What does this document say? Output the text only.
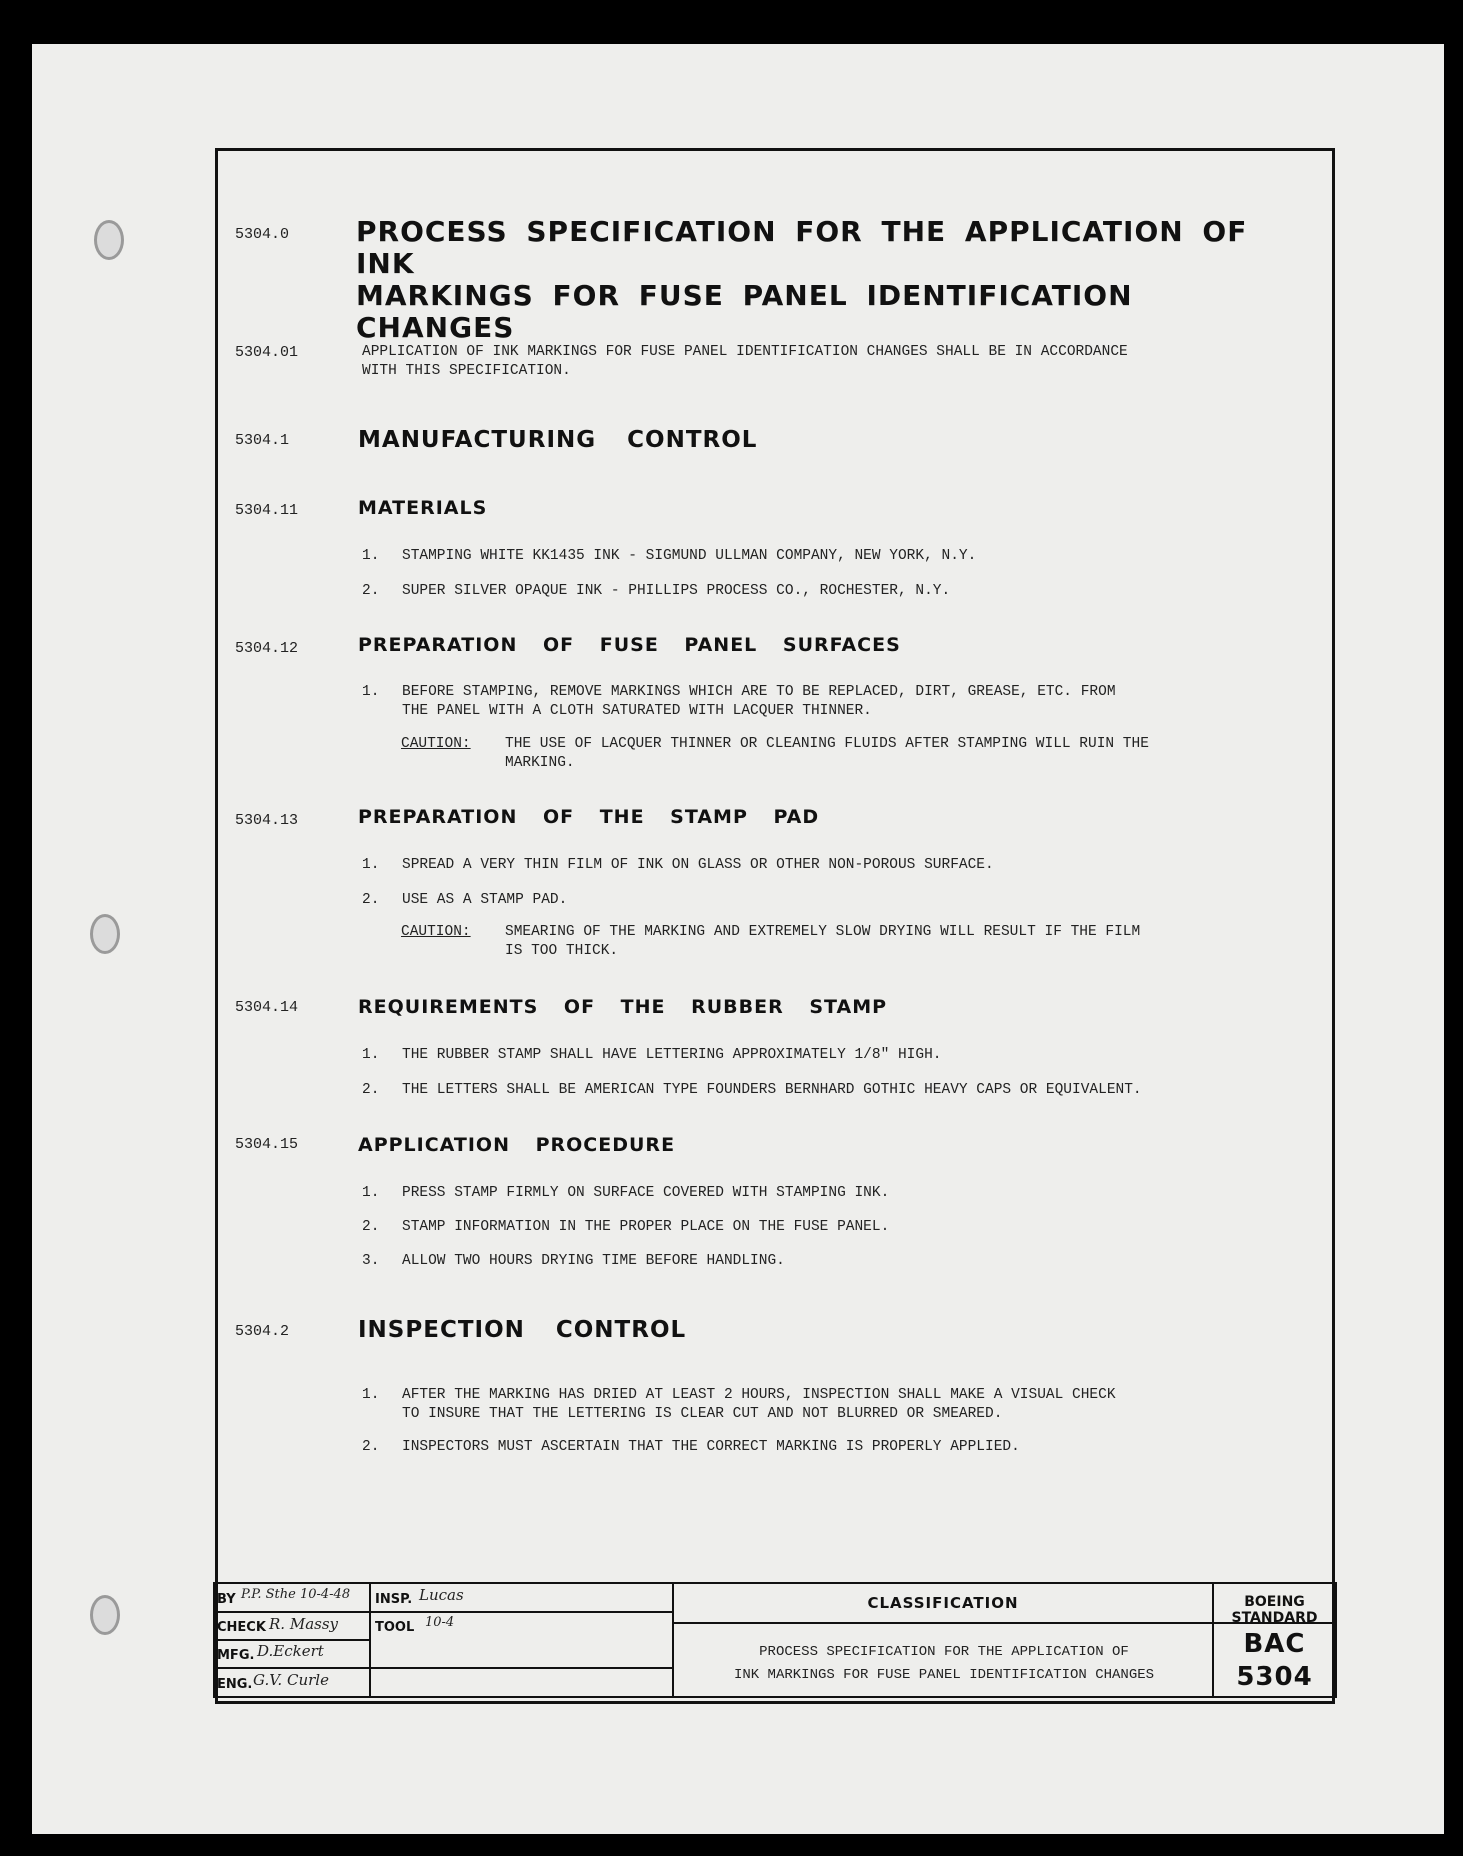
5304.0 PROCESS SPECIFICATION FOR THE APPLICATION OF INK
MARKINGS FOR FUSE PANEL IDENTIFICATION CHANGES
5304.01	APPLICATION OF INK MARKINGS FOR FUSE PANEL IDENTIFICATION CHANGES SHALL BE IN ACCORDANCE
WITH THIS SPECIFICATION.
5304.1	MANUFACTURING CONTROL
5304.11	MATERIALS
1. STAMPING WHITE KK1435 INK - SIGMUND ULLMAN COMPANY, NEW YORK, N.Y.
2. SUPER SILVER OPAQUE INK - PHILLIPS PROCESS CO., ROCHESTER, N.Y.
5304.12	PREPARATION OF FUSE PANEL SURFACES
1. BEFORE STAMPING, REMOVE MARKINGS WHICH ARE TO BE REPLACED, DIRT, GREASE, ETC. FROM
THE PANEL WITH A CLOTH SATURATED WITH LACQUER THINNER.
CAUTION: THE USE OF LACQUER THINNER OR CLEANING FLUIDS AFTER STAMPING WILL RUIN THE
MARKING.
5304.13	PREPARATION OF THE STAMP PAD
1. SPREAD A VERY THIN FILM OF INK ON GLASS OR OTHER NON-POROUS SURFACE.
2. USE AS A STAMP PAD.
CAUTION: SMEARING OF THE MARKING AND EXTREMELY SLOW DRYING WILL RESULT IF THE FILM
IS TOO THICK.
5304.14	REQUIREMENTS OF THE RUBBER STAMP
1. THE RUBBER STAMP SHALL HAVE LETTERING APPROXIMATELY 1/8" HIGH.
2. THE LETTERS SHALL BE AMERICAN TYPE FOUNDERS BERNHARD GOTHIC HEAVY CAPS OR EQUIVALENT.
5304.15	APPLICATION PROCEDURE
1. PRESS STAMP FIRMLY ON SURFACE COVERED WITH STAMPING INK.
2. STAMP INFORMATION IN THE PROPER PLACE ON THE FUSE PANEL.
3. ALLOW TWO HOURS DRYING TIME BEFORE HANDLING.
5304.2	INSPECTION CONTROL
1. AFTER THE MARKING HAS DRIED AT LEAST 2 HOURS, INSPECTION SHALL MAKE A VISUAL CHECK
TO INSURE THAT THE LETTERING IS CLEAR CUT AND NOT BLURRED OR SMEARED.
2. INSPECTORS MUST ASCERTAIN THAT THE CORRECT MARKING IS PROPERLY APPLIED.
BY P.P. Sthe 10-4-48
CHECK R. Massy
MFG. D.Eckert
ENG. G.V. Curle
INSP. Lucas
TOOL 10-4
CLASSIFICATION
PROCESS SPECIFICATION FOR THE APPLICATION OF
INK MARKINGS FOR FUSE PANEL IDENTIFICATION CHANGES
BOEING STANDARD
BAC
5304
